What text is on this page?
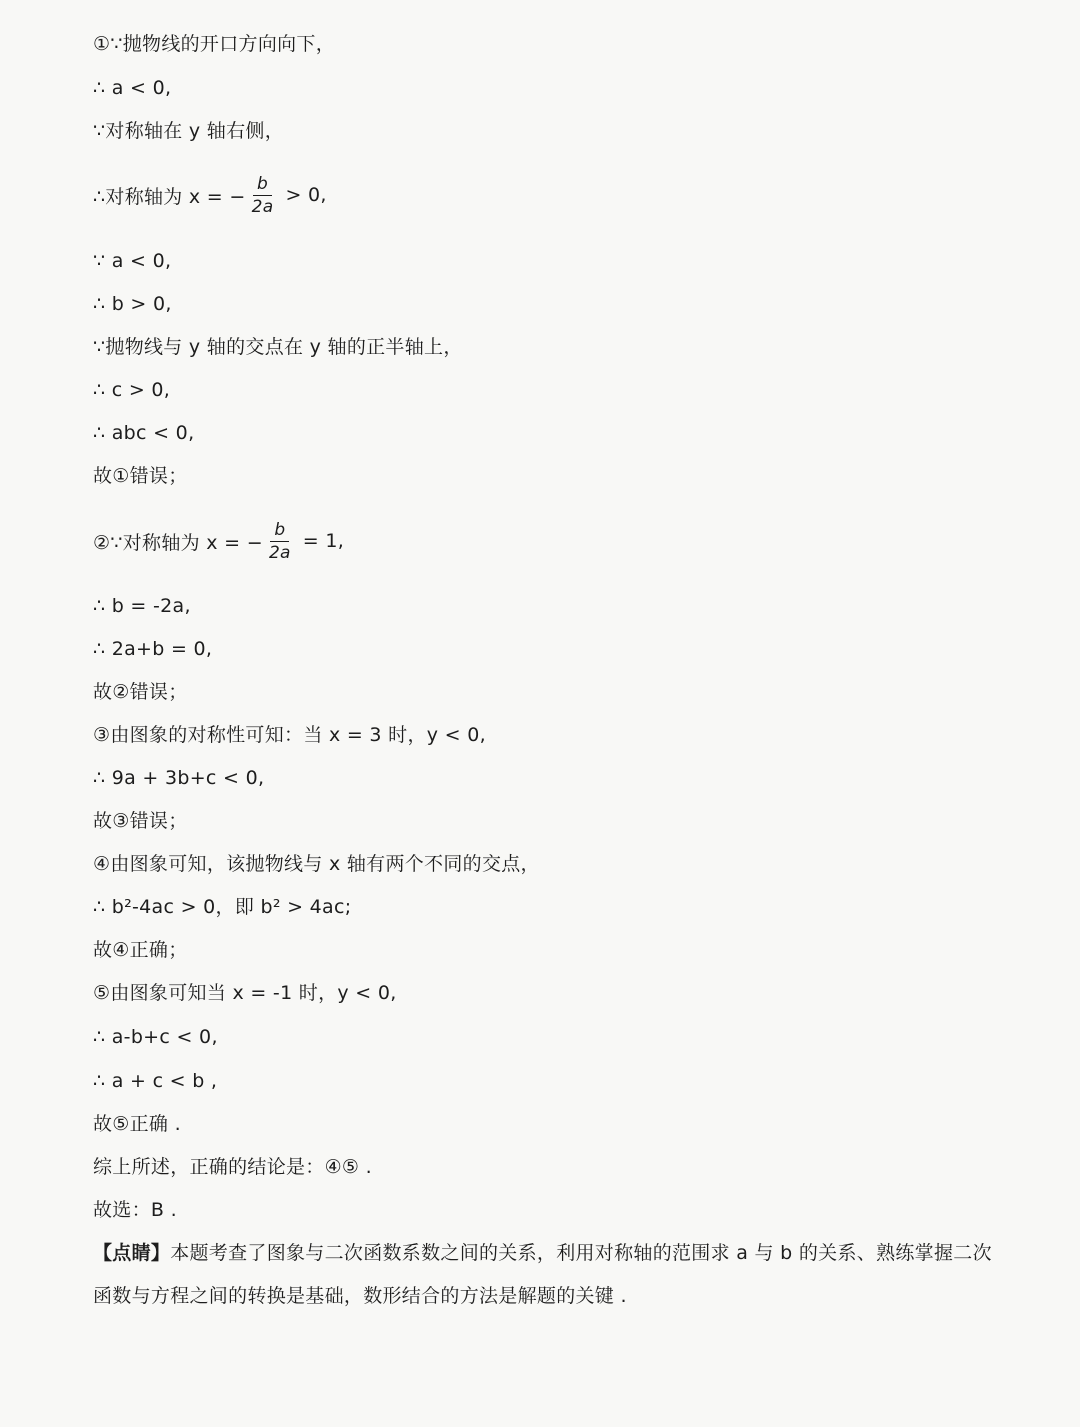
①∵抛物线的开口方向向下，
∴ a < 0,
∵对称轴在 y 轴右侧，
∴对称轴为 x = − $\frac{b}{2a} > 0$,
∵ a < 0,
∴ b > 0,
∵抛物线与 y 轴的交点在 y 轴的正半轴上，
∴ c > 0,
∴ abc < 0,
故①错误；
②∵对称轴为 x = − $\frac{b}{2a} = 1$,
∴ b = -2a,
∴ 2a+b = 0,
故②错误；
③由图象的对称性可知：当 x = 3 时，y < 0,
∴ 9a + 3b+c < 0,
故③错误；
④由图象可知，该抛物线与 x 轴有两个不同的交点，
∴ b²-4ac > 0，即 b² > 4ac;
故④正确；
⑤由图象可知当 x = -1 时，y < 0,
∴ a-b+c < 0,
∴ a + c < b ,
故⑤正确 .
综上所述，正确的结论是：④⑤ .
故选：B .
【点睛】本题考查了图象与二次函数系数之间的关系，利用对称轴的范围求 a 与 b 的关系、熟练掌握二次函数与方程之间的转换是基础，数形结合的方法是解题的关键 .
